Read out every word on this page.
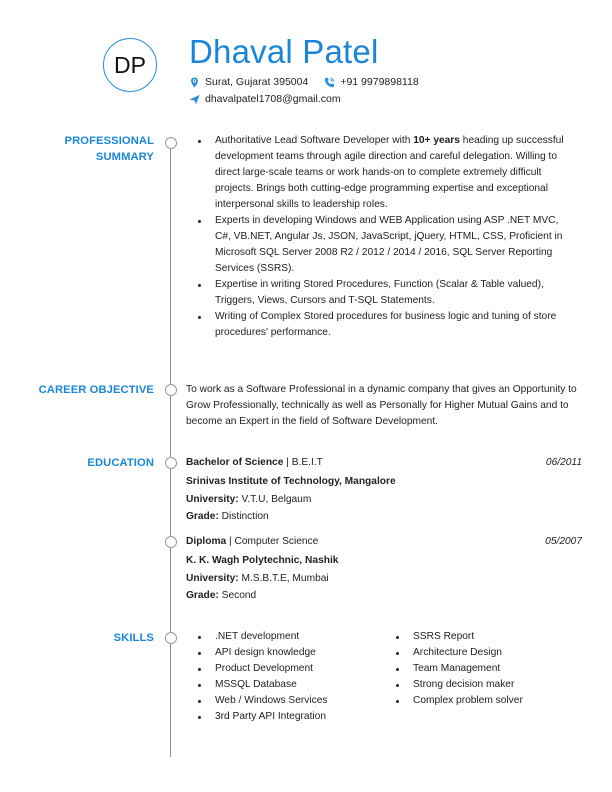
DP	Dhaval Patel
Surat, Gujarat 395004	+91 9979898118
dhavalpatel1708@gmail.com
PROFESSIONAL
SUMMARY
Authoritative Lead Software Developer with 10+ years heading up successful development teams through agile direction and careful delegation. Willing to direct large-scale teams or work hands-on to complete extremely difficult projects. Brings both cutting-edge programming expertise and exceptional interpersonal skills to leadership roles.
Experts in developing Windows and WEB Application using ASP .NET MVC, C#, VB.NET, Angular Js, JSON, JavaScript, jQuery, HTML, CSS, Proficient in Microsoft SQL Server 2008 R2 / 2012 / 2014 / 2016, SQL Server Reporting Services (SSRS).
Expertise in writing Stored Procedures, Function (Scalar & Table valued), Triggers, Views, Cursors and T-SQL Statements.
Writing of Complex Stored procedures for business logic and tuning of store procedures' performance.
CAREER OBJECTIVE	To work as a Software Professional in a dynamic company that gives an Opportunity to Grow Professionally, technically as well as Personally for Higher Mutual Gains and to become an Expert in the field of Software Development.
EDUCATION	Bachelor of Science | B.E.I.T	06/2011
Srinivas Institute of Technology, Mangalore
University: V.T.U, Belgaum
Grade: Distinction
Diploma | Computer Science	05/2007
K. K. Wagh Polytechnic, Nashik
University: M.S.B.T.E, Mumbai
Grade: Second
SKILLS	.NET development
API design knowledge
Product Development
MSSQL Database
Web / Windows Services
3rd Party API Integration
SSRS Report
Architecture Design
Team Management
Strong decision maker
Complex problem solver
